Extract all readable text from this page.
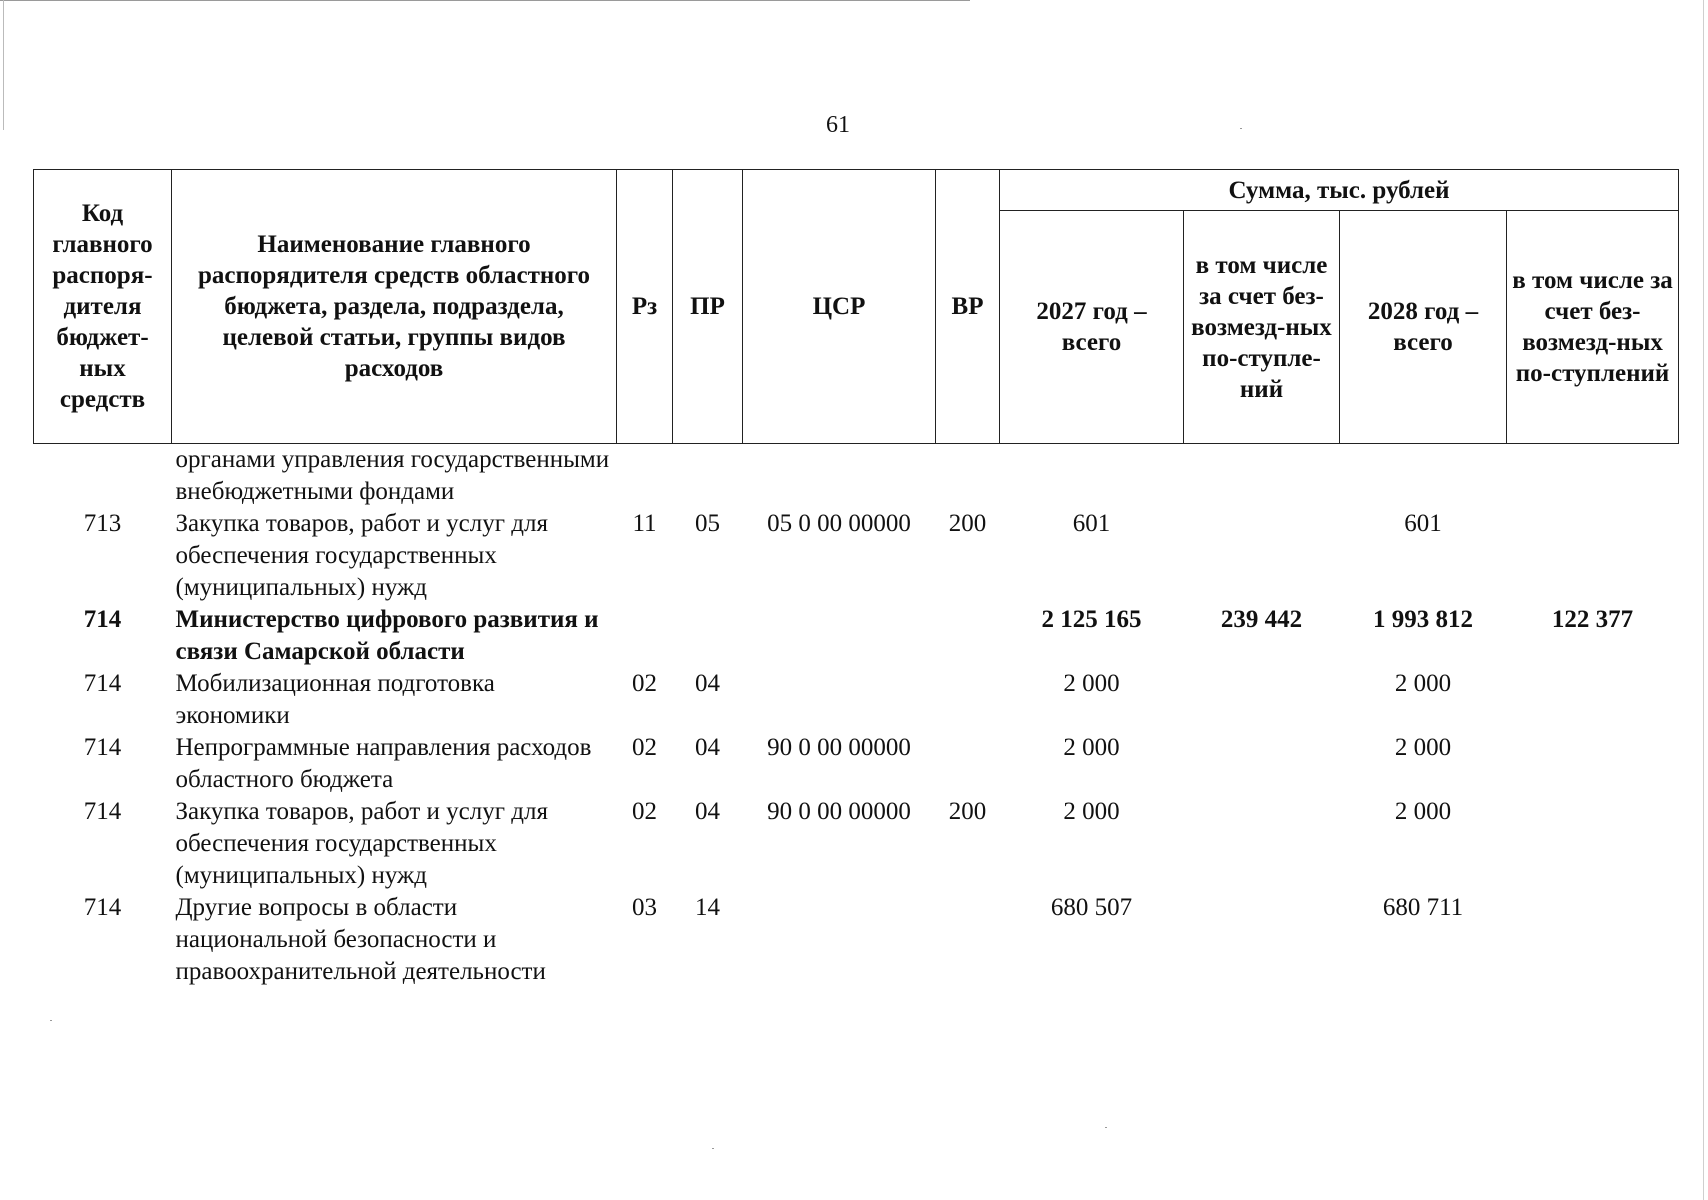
61
Код главного распоря-дителя бюджет-ных средств	Наименование главного распорядителя средств областного бюджета, раздела, подраздела, целевой статьи, группы видов расходов	Рз	ПР	ЦСР	ВР	Сумма, тыс. рублей			
						2027 год – всего	в том числе за счет без-возмезд-ных по-ступле-ний	2028 год – всего	в том числе за счет без-возмезд-ных по-ступлений
	органами управления государственными внебюджетными фондами								
713	Закупка товаров, работ и услуг для обеспечения государственных (муниципальных) нужд	11	05	05 0 00 00000	200	601		601	
714	Министерство цифрового развития и связи Самарской области					2 125 165	239 442	1 993 812	122 377
714	Мобилизационная подготовка экономики	02	04			2 000		2 000	
714	Непрограммные направления расходов областного бюджета	02	04	90 0 00 00000		2 000		2 000	
714	Закупка товаров, работ и услуг для обеспечения государственных (муниципальных) нужд	02	04	90 0 00 00000	200	2 000		2 000	
714	Другие вопросы в области национальной безопасности и правоохранительной деятельности	03	14			680 507		680 711	
